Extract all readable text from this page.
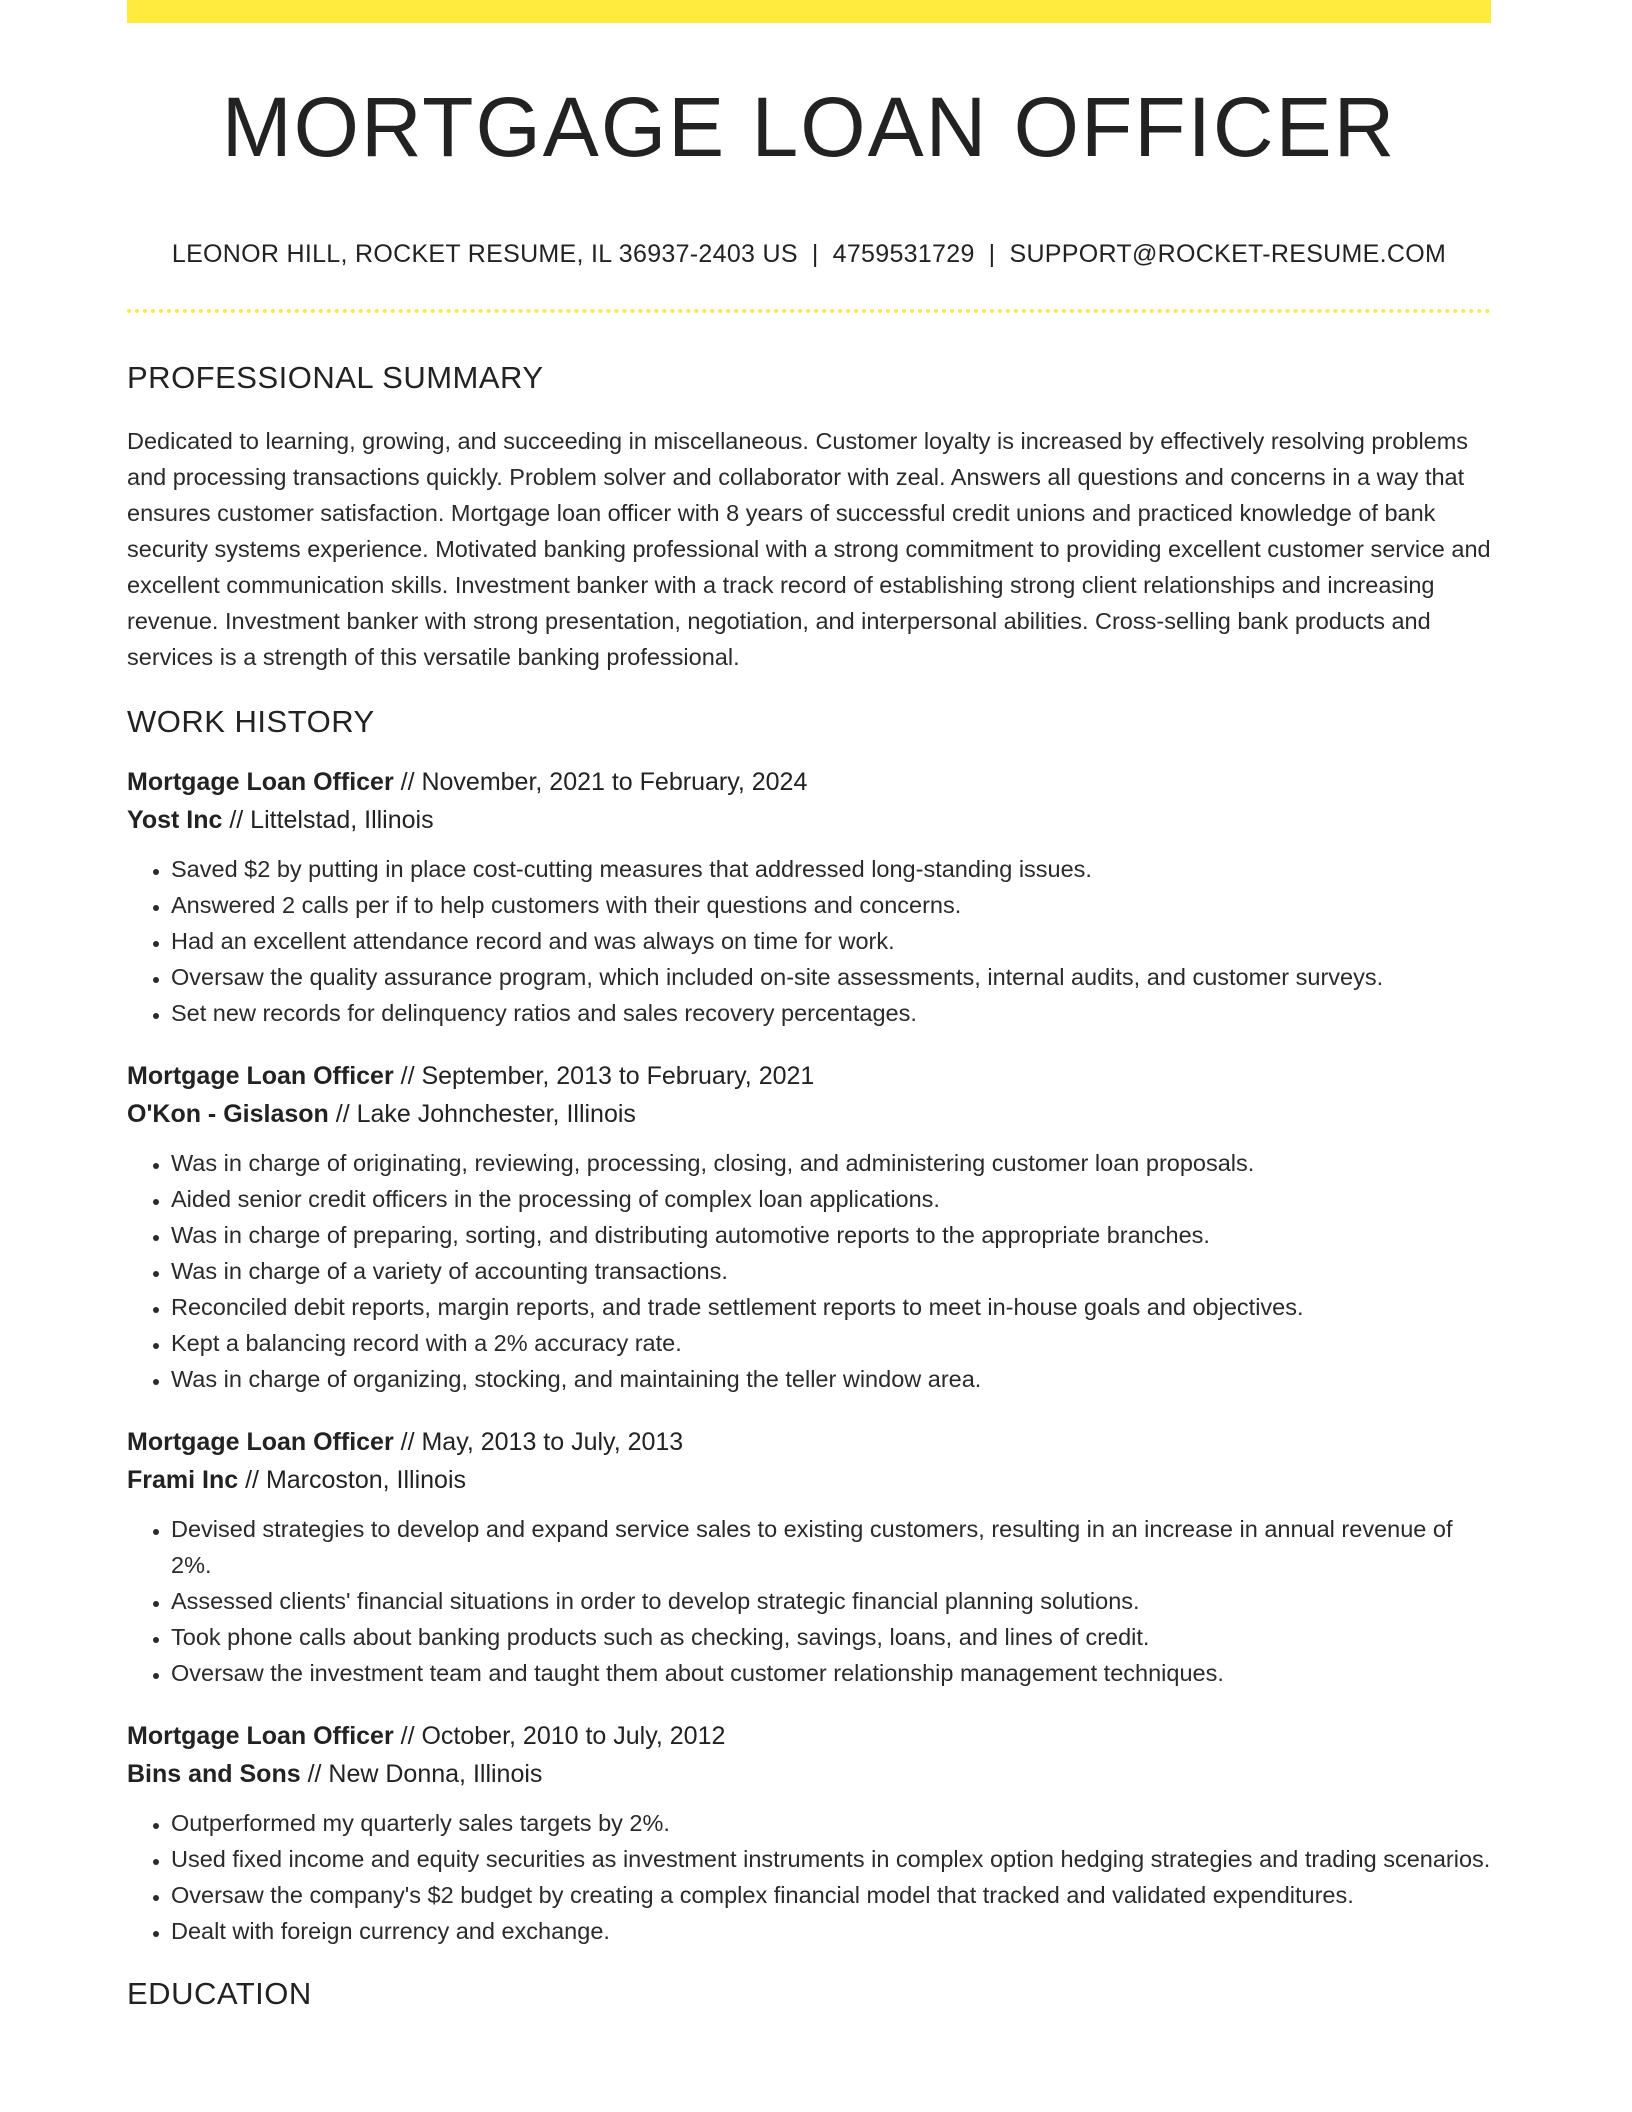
MORTGAGE LOAN OFFICER
LEONOR HILL, ROCKET RESUME, IL 36937-2403 US | 4759531729 | SUPPORT@ROCKET-RESUME.COM
PROFESSIONAL SUMMARY

Dedicated to learning, growing, and succeeding in miscellaneous. Customer loyalty is increased by effectively resolving problems and processing transactions quickly. Problem solver and collaborator with zeal. Answers all questions and concerns in a way that ensures customer satisfaction. Mortgage loan officer with 8 years of successful credit unions and practiced knowledge of bank security systems experience. Motivated banking professional with a strong commitment to providing excellent customer service and excellent communication skills. Investment banker with a track record of establishing strong client relationships and increasing revenue. Investment banker with strong presentation, negotiation, and interpersonal abilities. Cross-selling bank products and services is a strength of this versatile banking professional.

WORK HISTORY
Mortgage Loan Officer // November, 2021 to February, 2024
Yost Inc // Littelstad, Illinois
• Saved $2 by putting in place cost-cutting measures that addressed long-standing issues.
• Answered 2 calls per if to help customers with their questions and concerns.
• Had an excellent attendance record and was always on time for work.
• Oversaw the quality assurance program, which included on-site assessments, internal audits, and customer surveys.
• Set new records for delinquency ratios and sales recovery percentages.
Mortgage Loan Officer // September, 2013 to February, 2021
O'Kon - Gislason // Lake Johnchester, Illinois
• Was in charge of originating, reviewing, processing, closing, and administering customer loan proposals.
• Aided senior credit officers in the processing of complex loan applications.
• Was in charge of preparing, sorting, and distributing automotive reports to the appropriate branches.
• Was in charge of a variety of accounting transactions.
• Reconciled debit reports, margin reports, and trade settlement reports to meet in-house goals and objectives.
• Kept a balancing record with a 2% accuracy rate.
• Was in charge of organizing, stocking, and maintaining the teller window area.
Mortgage Loan Officer // May, 2013 to July, 2013
Frami Inc // Marcoston, Illinois
• Devised strategies to develop and expand service sales to existing customers, resulting in an increase in annual revenue of 2%.
• Assessed clients' financial situations in order to develop strategic financial planning solutions.
• Took phone calls about banking products such as checking, savings, loans, and lines of credit.
• Oversaw the investment team and taught them about customer relationship management techniques.
Mortgage Loan Officer // October, 2010 to July, 2012
Bins and Sons // New Donna, Illinois
• Outperformed my quarterly sales targets by 2%.
• Used fixed income and equity securities as investment instruments in complex option hedging strategies and trading scenarios.
• Oversaw the company's $2 budget by creating a complex financial model that tracked and validated expenditures.
• Dealt with foreign currency and exchange.
EDUCATION
